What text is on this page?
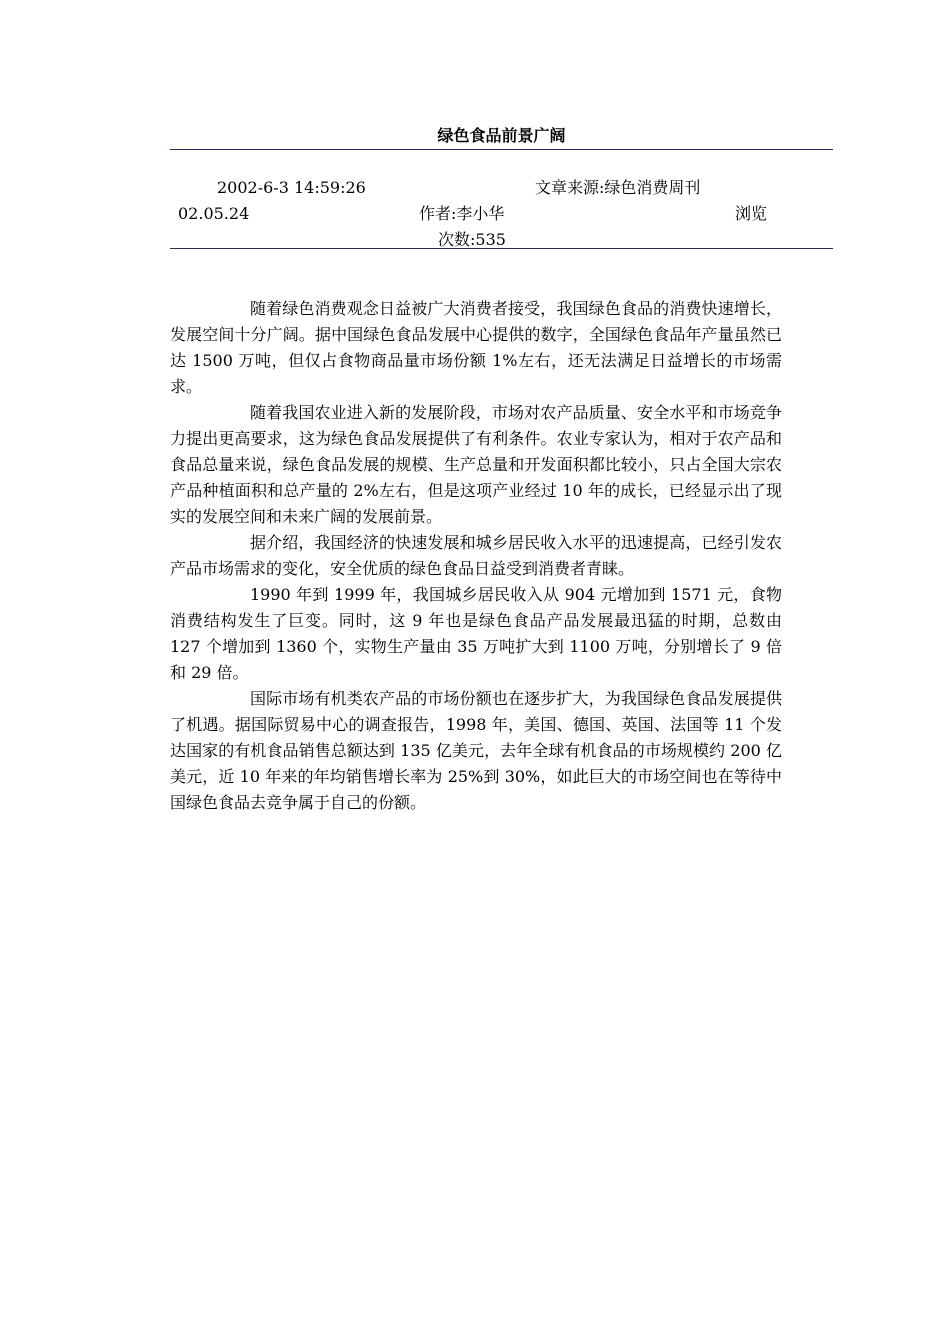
绿色食品前景广阔
2002-6-3 14:59:26	文章来源:绿色消费周刊
02.05.24	作者:李小华	浏览
次数:535

随着绿色消费观念日益被广大消费者接受，我国绿色食品的消费快速增长，发展空间十分广阔。据中国绿色食品发展中心提供的数字，全国绿色食品年产量虽然已达 1500 万吨，但仅占食物商品量市场份额 1%左右，还无法满足日益增长的市场需求。

随着我国农业进入新的发展阶段，市场对农产品质量、安全水平和市场竞争力提出更高要求，这为绿色食品发展提供了有利条件。农业专家认为，相对于农产品和食品总量来说，绿色食品发展的规模、生产总量和开发面积都比较小，只占全国大宗农产品种植面积和总产量的 2%左右，但是这项产业经过 10 年的成长，已经显示出了现实的发展空间和未来广阔的发展前景。

据介绍，我国经济的快速发展和城乡居民收入水平的迅速提高，已经引发农产品市场需求的变化，安全优质的绿色食品日益受到消费者青睐。

1990 年到 1999 年，我国城乡居民收入从 904 元增加到 1571 元，食物消费结构发生了巨变。同时，这 9 年也是绿色食品产品发展最迅猛的时期，总数由 127 个增加到 1360 个，实物生产量由 35 万吨扩大到 1100 万吨，分别增长了 9 倍和 29 倍。

国际市场有机类农产品的市场份额也在逐步扩大，为我国绿色食品发展提供了机遇。据国际贸易中心的调查报告，1998 年，美国、德国、英国、法国等 11 个发达国家的有机食品销售总额达到 135 亿美元，去年全球有机食品的市场规模约 200 亿美元，近 10 年来的年均销售增长率为 25%到 30%，如此巨大的市场空间也在等待中国绿色食品去竞争属于自己的份额。
